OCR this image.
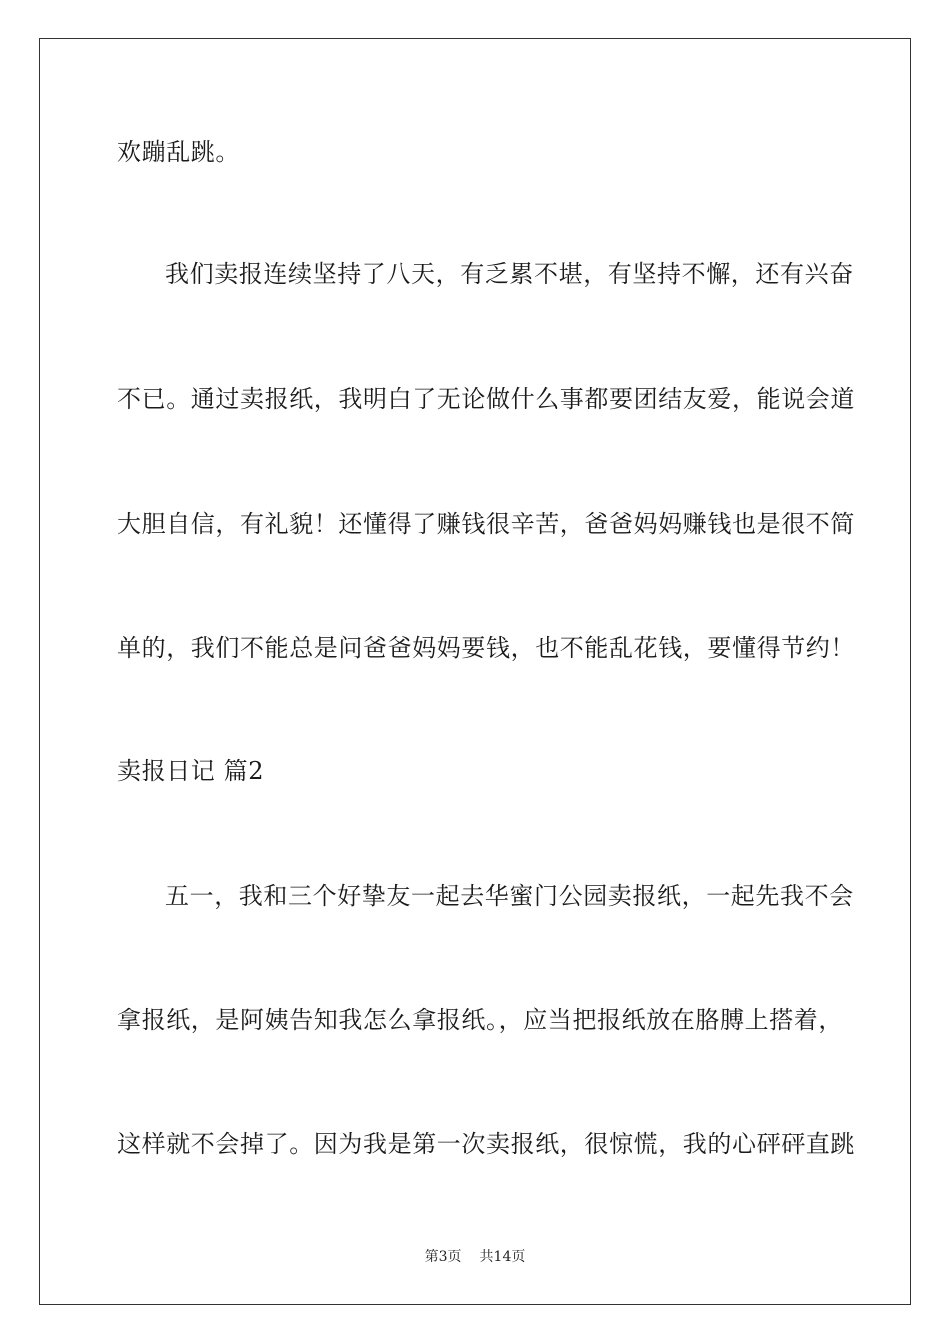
欢蹦乱跳。
我们卖报连续坚持了八天，有乏累不堪，有坚持不懈，还有兴奋
不已。通过卖报纸，我明白了无论做什么事都要团结友爱，能说会道
大胆自信，有礼貌！还懂得了赚钱很辛苦，爸爸妈妈赚钱也是很不简
单的，我们不能总是问爸爸妈妈要钱，也不能乱花钱，要懂得节约！
卖报日记 篇2
五一，我和三个好挚友一起去华蜜门公园卖报纸，一起先我不会
拿报纸，是阿姨告知我怎么拿报纸。，应当把报纸放在胳膊上搭着，
这样就不会掉了。因为我是第一次卖报纸，很惊慌，我的心砰砰直跳
第3页 共14页
